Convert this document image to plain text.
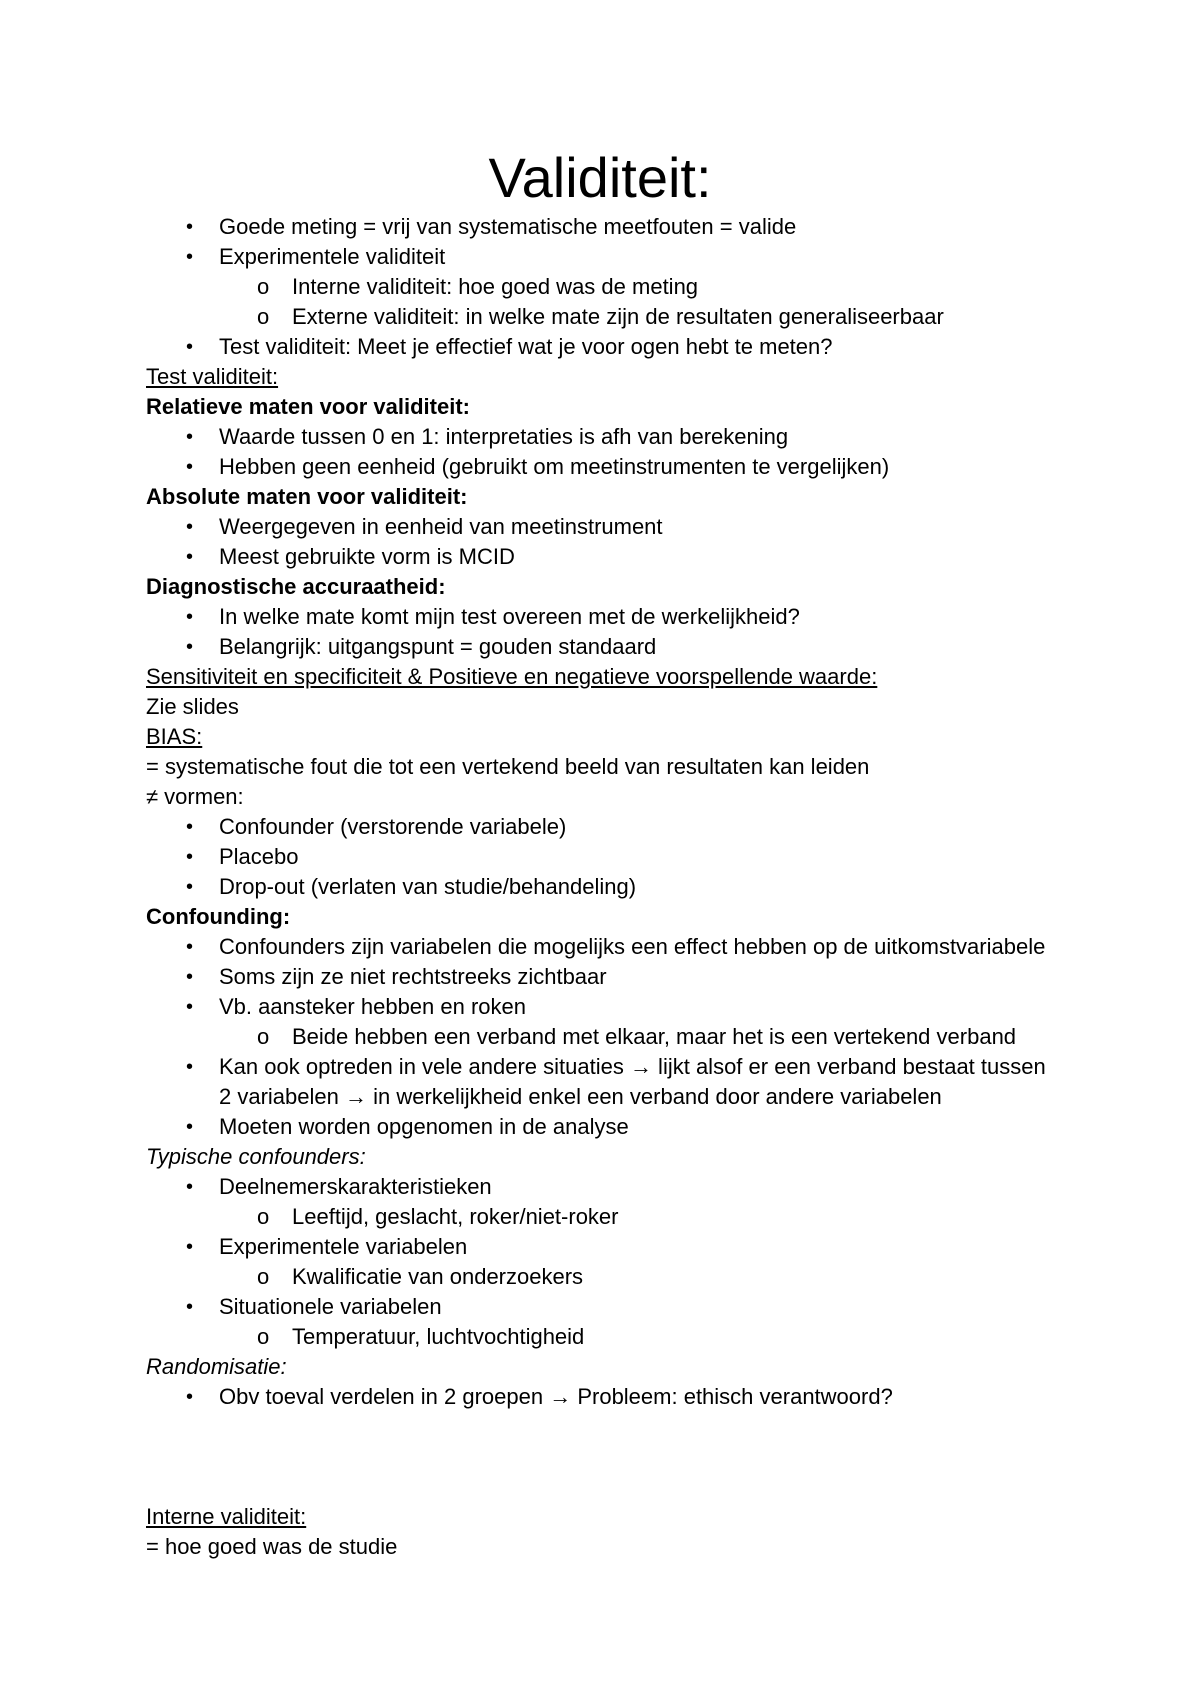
Validiteit:
• Goede meting = vrij van systematische meetfouten = valide
• Experimentele validiteit
o Interne validiteit: hoe goed was de meting
o Externe validiteit: in welke mate zijn de resultaten generaliseerbaar
• Test validiteit: Meet je effectief wat je voor ogen hebt te meten?
Test validiteit:
Relatieve maten voor validiteit:
• Waarde tussen 0 en 1: interpretaties is afh van berekening
• Hebben geen eenheid (gebruikt om meetinstrumenten te vergelijken)
Absolute maten voor validiteit:
• Weergegeven in eenheid van meetinstrument
• Meest gebruikte vorm is MCID
Diagnostische accuraatheid:
• In welke mate komt mijn test overeen met de werkelijkheid?
• Belangrijk: uitgangspunt = gouden standaard
Sensitiviteit en specificiteit & Positieve en negatieve voorspellende waarde:
Zie slides
BIAS:
= systematische fout die tot een vertekend beeld van resultaten kan leiden
≠ vormen:
• Confounder (verstorende variabele)
• Placebo
• Drop-out (verlaten van studie/behandeling)
Confounding:
• Confounders zijn variabelen die mogelijks een effect hebben op de uitkomstvariabele
• Soms zijn ze niet rechtstreeks zichtbaar
• Vb. aansteker hebben en roken
o Beide hebben een verband met elkaar, maar het is een vertekend verband
• Kan ook optreden in vele andere situaties → lijkt alsof er een verband bestaat tussen
2 variabelen → in werkelijkheid enkel een verband door andere variabelen
• Moeten worden opgenomen in de analyse
Typische confounders:
• Deelnemerskarakteristieken
o Leeftijd, geslacht, roker/niet-roker
• Experimentele variabelen
o Kwalificatie van onderzoekers
• Situationele variabelen
o Temperatuur, luchtvochtigheid
Randomisatie:
• Obv toeval verdelen in 2 groepen → Probleem: ethisch verantwoord?
Interne validiteit:
= hoe goed was de studie
